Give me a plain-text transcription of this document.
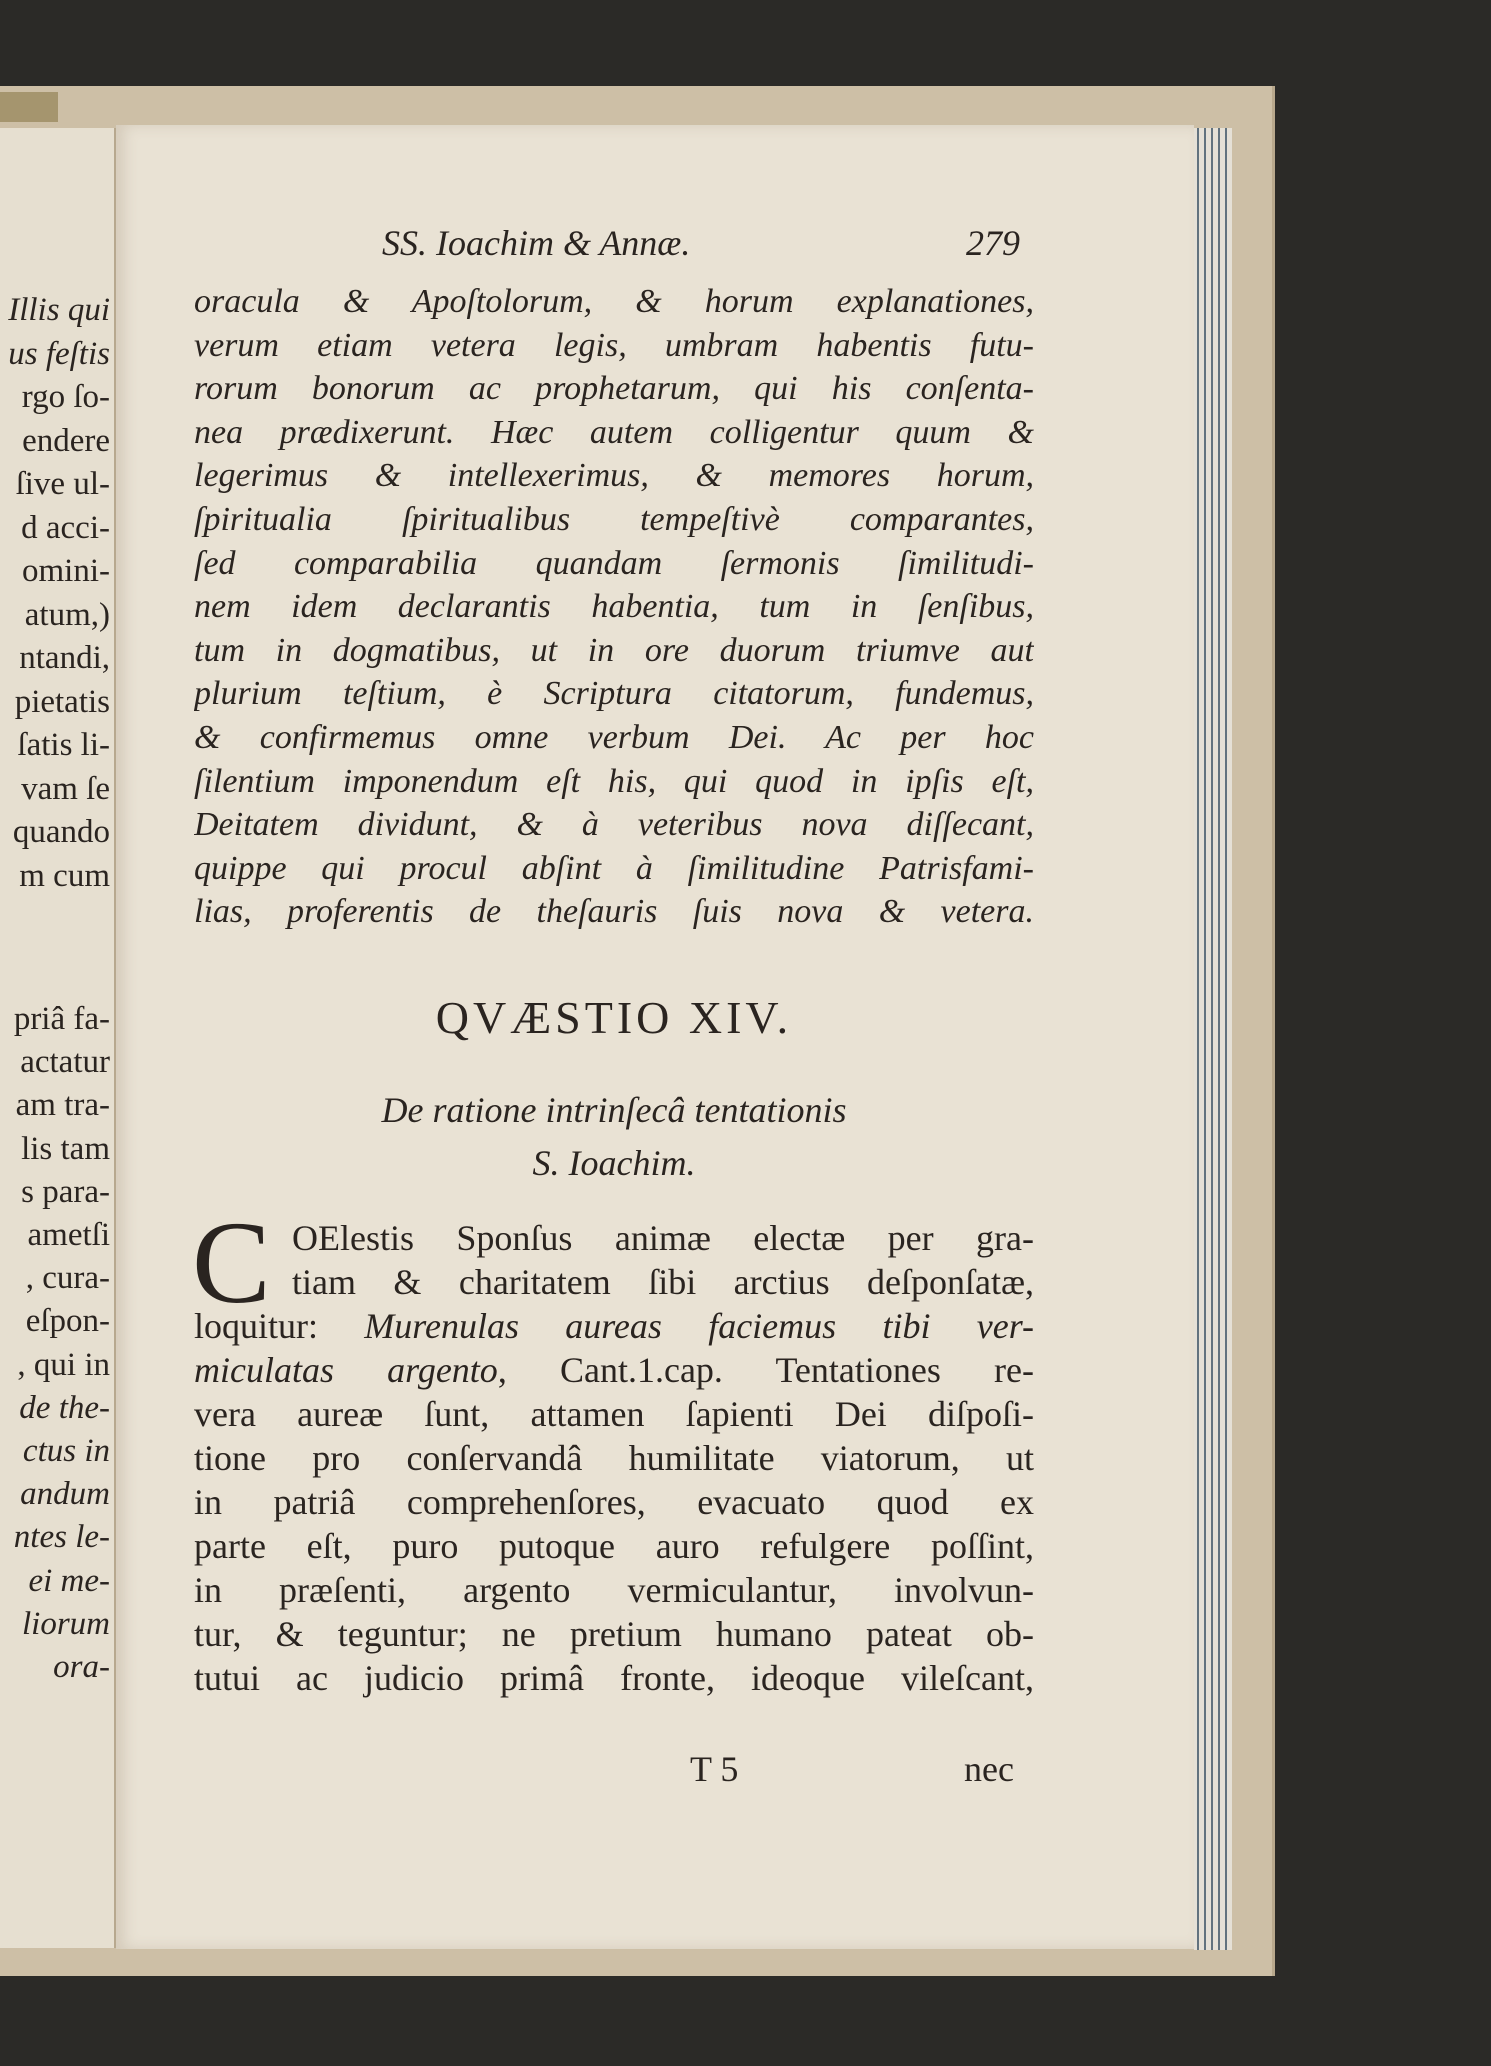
Illis qui
us feſtis
rgo ſo-
endere
ſive ul-
d acci-
omini-
atum,)
ntandi,
pietatis
ſatis li-
vam ſe
quando
m cum
priâ fa-
actatur
am tra-
lis tam
s para-
ametſi
, cura-
eſpon-
, qui in
de the-
ctus in
andum
ntes le-
ei me-
liorum
ora-
SS. Ioachim & Annæ.	279
oracula & Apoſtolorum, & horum explanationes,
verum etiam vetera legis, umbram habentis futu-
rorum bonorum ac prophetarum, qui his conſenta-
nea prædixerunt. Hæc autem colligentur quum &
legerimus & intellexerimus, & memores horum,
ſpiritualia ſpiritualibus tempeſtivè comparantes,
ſed comparabilia quandam ſermonis ſimilitudi-
nem idem declarantis habentia, tum in ſenſibus,
tum in dogmatibus, ut in ore duorum triumve aut
plurium teſtium, è Scriptura citatorum, fundemus,
& confirmemus omne verbum Dei. Ac per hoc
ſilentium imponendum eſt his, qui quod in ipſis eſt,
Deitatem dividunt, & à veteribus nova diſſecant,
quippe qui procul abſint à ſimilitudine Patrisfami-
lias, proferentis de theſauris ſuis nova & vetera.
QVÆSTIO XIV.
De ratione intrinſecâ tentationis
S. Ioachim.
C OElestis Sponſus animæ electæ per gra-
tiam & charitatem ſibi arctius deſponſatæ,
loquitur: Murenulas aureas faciemus tibi ver-
miculatas argento, Cant.1.cap. Tentationes re-
vera aureæ ſunt, attamen ſapienti Dei diſpoſi-
tione pro conſervandâ humilitate viatorum, ut
in patriâ comprehenſores, evacuato quod ex
parte eſt, puro putoque auro refulgere poſſint,
in præſenti, argento vermiculantur, involvun-
tur, & teguntur; ne pretium humano pateat ob-
tutui ac judicio primâ fronte, ideoque vileſcant,
T 5	nec
